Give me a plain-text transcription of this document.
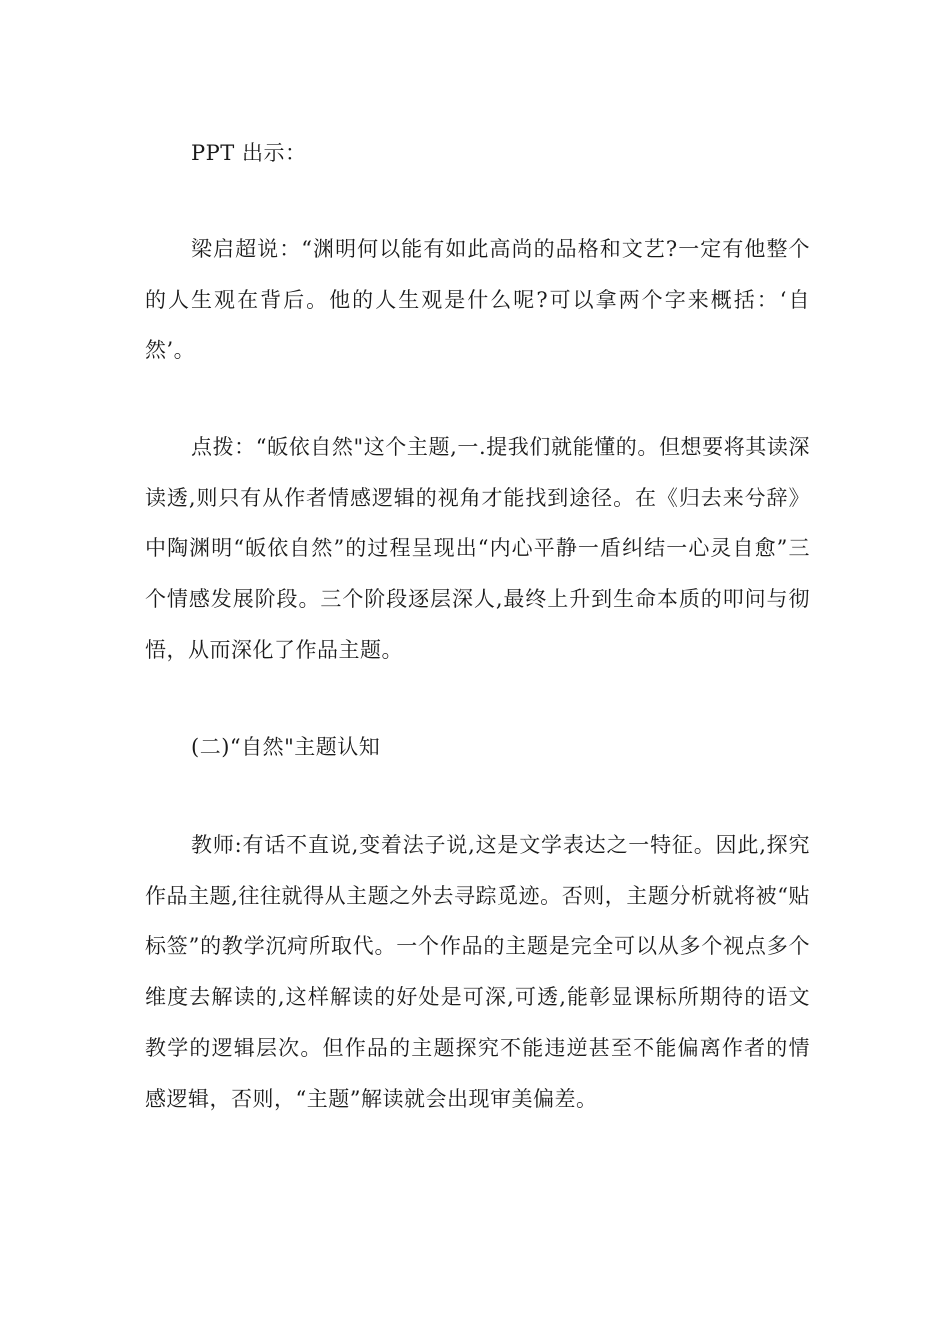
PPT 出示：

梁启超说：“渊明何以能有如此高尚的品格和文艺?一定有他整个的人生观在背后。他的人生观是什么呢?可以拿两个字来概括：‘自然’。

点拨：“皈依自然"这个主题,一.提我们就能懂的。但想要将其读深读透,则只有从作者情感逻辑的视角才能找到途径。在《归去来兮辞》中陶渊明“皈依自然”的过程呈现出“内心平静一盾纠结一心灵自愈”三个情感发展阶段。三个阶段逐层深人,最终上升到生命本质的叩问与彻悟，从而深化了作品主题。

(二)“自然"主题认知

教师:有话不直说,变着法子说,这是文学表达之一特征。因此,探究作品主题,往往就得从主题之外去寻踪觅迹。否则，主题分析就将被“贴标签”的教学沉疴所取代。一个作品的主题是完全可以从多个视点多个维度去解读的,这样解读的好处是可深,可透,能彰显课标所期待的语文教学的逻辑层次。但作品的主题探究不能违逆甚至不能偏离作者的情感逻辑，否则，“主题”解读就会出现审美偏差。
